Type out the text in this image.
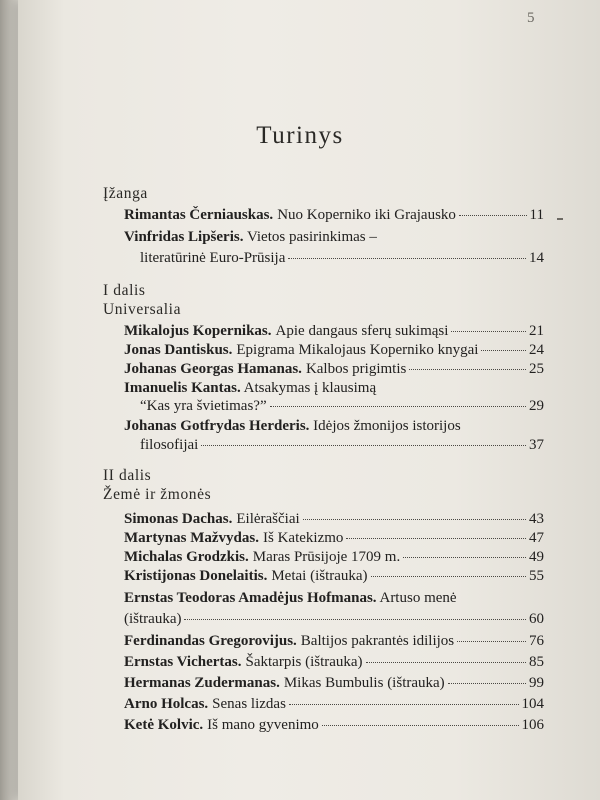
5
Turinys
Įžanga
Rimantas Černiauskas. Nuo Koperniko iki Grajausko	11
Vinfridas Lipšeris. Vietos pasirinkimas –
literatūrinė Euro-Prūsija	14
I dalis
Universalia
Mikalojus Kopernikas. Apie dangaus sferų sukimąsi	21
Jonas Dantiskus. Epigrama Mikalojaus Koperniko knygai	24
Johanas Georgas Hamanas. Kalbos prigimtis	25
Imanuelis Kantas. Atsakymas į klausimą
“Kas yra švietimas?”	29
Johanas Gotfrydas Herderis. Idėjos žmonijos istorijos
filosofijai	37
II dalis
Žemė ir žmonės
Simonas Dachas. Eilėraščiai	43
Martynas Mažvydas. Iš Katekizmo	47
Michalas Grodzkis. Maras Prūsijoje 1709 m.	49
Kristijonas Donelaitis. Metai (ištrauka)	55
Ernstas Teodoras Amadėjus Hofmanas. Artuso menė
(ištrauka)	60
Ferdinandas Gregorovijus. Baltijos pakrantės idilijos	76
Ernstas Vichertas. Šaktarpis (ištrauka)	85
Hermanas Zudermanas. Mikas Bumbulis (ištrauka)	99
Arno Holcas. Senas lizdas	104
Ketė Kolvic. Iš mano gyvenimo	106
